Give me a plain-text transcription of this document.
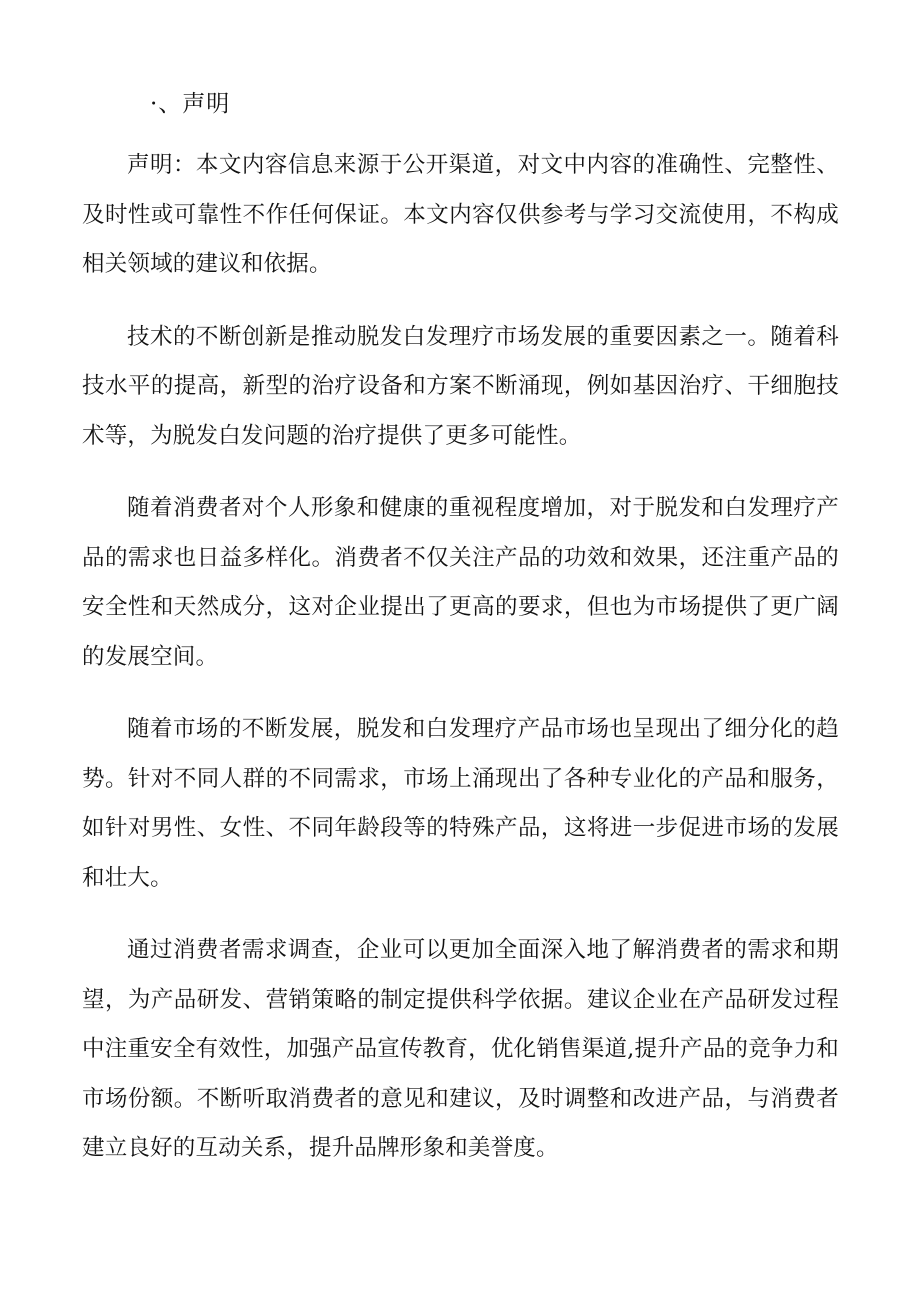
·、声明

声明：本文内容信息来源于公开渠道，对文中内容的准确性、完整性、及时性或可靠性不作任何保证。本文内容仅供参考与学习交流使用，不构成相关领域的建议和依据。

技术的不断创新是推动脱发白发理疗市场发展的重要因素之一。随着科技水平的提高，新型的治疗设备和方案不断涌现，例如基因治疗、干细胞技术等，为脱发白发问题的治疗提供了更多可能性。

随着消费者对个人形象和健康的重视程度增加，对于脱发和白发理疗产品的需求也日益多样化。消费者不仅关注产品的功效和效果，还注重产品的安全性和天然成分，这对企业提出了更高的要求，但也为市场提供了更广阔的发展空间。

随着市场的不断发展，脱发和白发理疗产品市场也呈现出了细分化的趋势。针对不同人群的不同需求，市场上涌现出了各种专业化的产品和服务，如针对男性、女性、不同年龄段等的特殊产品，这将进一步促进市场的发展和壮大。

通过消费者需求调查，企业可以更加全面深入地了解消费者的需求和期望，为产品研发、营销策略的制定提供科学依据。建议企业在产品研发过程中注重安全有效性，加强产品宣传教育，优化销售渠道,提升产品的竞争力和市场份额。不断听取消费者的意见和建议，及时调整和改进产品，与消费者建立良好的互动关系，提升品牌形象和美誉度。
